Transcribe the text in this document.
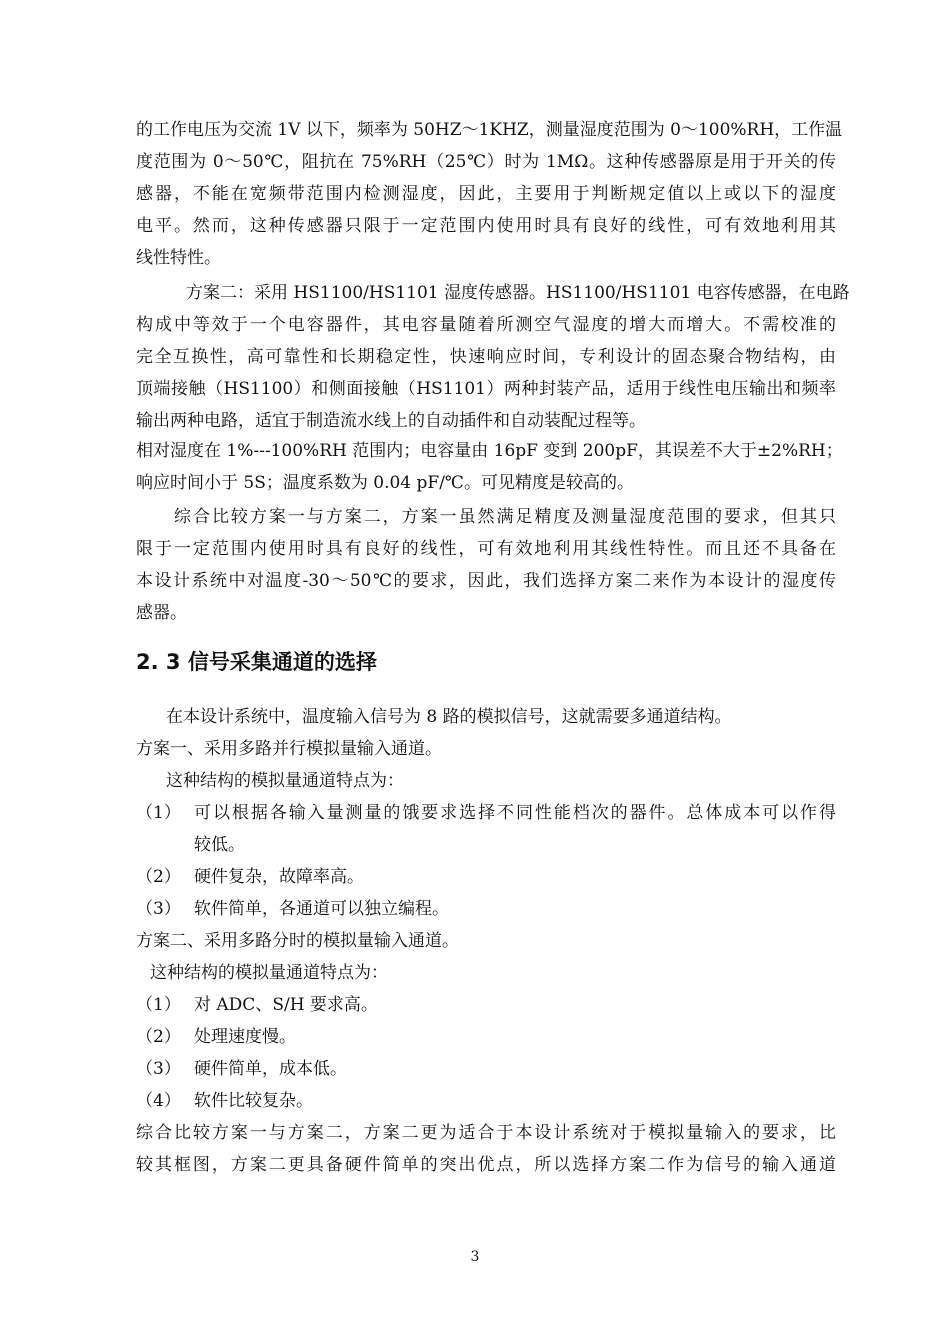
的工作电压为交流 1V 以下，频率为 50HZ～1KHZ，测量湿度范围为 0～100%RH，工作温
度范围为 0～50℃，阻抗在 75%RH（25℃）时为 1MΩ。这种传感器原是用于开关的传
感器，不能在宽频带范围内检测湿度，因此，主要用于判断规定值以上或以下的湿度
电平。然而，这种传感器只限于一定范围内使用时具有良好的线性，可有效地利用其
线性特性。
方案二：采用 HS1100/HS1101 湿度传感器。HS1100/HS1101 电容传感器，在电路
构成中等效于一个电容器件，其电容量随着所测空气湿度的增大而增大。不需校准的
完全互换性，高可靠性和长期稳定性，快速响应时间，专利设计的固态聚合物结构，由
顶端接触（HS1100）和侧面接触（HS1101）两种封装产品，适用于线性电压输出和频率
输出两种电路，适宜于制造流水线上的自动插件和自动装配过程等。
相对湿度在 1%---100%RH 范围内；电容量由 16pF 变到 200pF，其误差不大于±2%RH；
响应时间小于 5S；温度系数为 0.04 pF/℃。可见精度是较高的。
综合比较方案一与方案二，方案一虽然满足精度及测量湿度范围的要求，但其只
限于一定范围内使用时具有良好的线性，可有效地利用其线性特性。而且还不具备在
本设计系统中对温度-30～50℃的要求，因此，我们选择方案二来作为本设计的湿度传
感器。
2. 3 信号采集通道的选择
在本设计系统中，温度输入信号为 8 路的模拟信号，这就需要多通道结构。
方案一、采用多路并行模拟量输入通道。
这种结构的模拟量通道特点为：
（1） 可以根据各输入量测量的饿要求选择不同性能档次的器件。总体成本可以作得
较低。
（2） 硬件复杂，故障率高。
（3） 软件简单，各通道可以独立编程。
方案二、采用多路分时的模拟量输入通道。
这种结构的模拟量通道特点为：
（1） 对 ADC、S/H 要求高。
（2） 处理速度慢。
（3） 硬件简单，成本低。
（4） 软件比较复杂。
综合比较方案一与方案二，方案二更为适合于本设计系统对于模拟量输入的要求，比
较其框图，方案二更具备硬件简单的突出优点，所以选择方案二作为信号的输入通道
3
